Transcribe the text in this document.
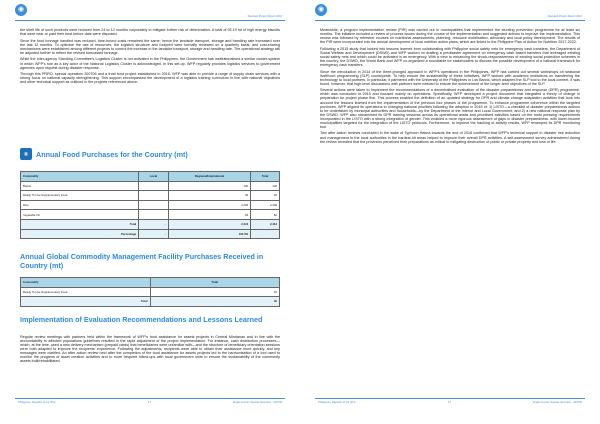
◉
Standard Project Report 2016

the shelf life of such products were reduced from 24 to 12 months corporately to mitigate further risk of deterioration. A total of 93.19 mt of high energy biscuits that were near or past their best before date were disposed.

Since the food tonnage handled was reduced, time-bound costs remained the same; hence the landside transport, storage and handling rate increased over the last 12 months. To optimise the use of resources, the logistics structure and footprint were formally reviewed on a quarterly basis, and cost-sharing mechanisms were established among different projects to control the increase in the landside transport, storage and handling rate. The operational strategy will be adjusted further to reflect the revised forecasted tonnage.

While the Inter-agency Standing Committee's Logistics Cluster is not activated in the Philippines, the Government has institutionalised a similar cluster-system in which WFP's role as a key actor of the National Logistics Cluster is acknowledged. In this set-up, WFP regularly provides logistics services to government agencies upon request during disaster response.

Through this PRRO, special operation 200706 and a trust fund project established in 2016, WFP was able to provide a range of supply chain services with a strong focus on national capacity strengthening. This support encompassed the development of a logistics training curriculum in line with national objectives and other technical support as outlined in the projects referenced above.

▦	Annual Food Purchases for the Country (mt)
Commodity	Local	Regional/International	Total
Beans		100	100
Ready To Use Supplementary Food		30	30
Rice		2,200	2,200
Vegetable Oil		82	82
Total	-	2,412	2,412
Percentage	-	100.0%	
Annual Global Commodity Management Facility Purchases Received in Country (mt)
Commodity	Total
Ready To Use Supplementary Food	40
Total	40
Implementation of Evaluation Recommendations and Lessons Learned

Regular review meetings with partners held within the framework of WFP's food assistance for assets projects in Central Mindanao and in line with the accountability to affected populations guidelines resulted in the rapid adjustment of the project implementation. For instance, cash distribution processes—which, at the time, used a new delivery mechanism (prepaid cards) that beneficiaries were unfamiliar with—and the structure of beneficiary orientation sessions were both adapted to improve the recipients' experience. Following the adjustments, recipients were able to obtain their assistance more quickly, and key messages were clarified. An after action review held after the completion of the food assistance for assets projects led to the harmonisation of a tool used to monitor the progress of asset creation activities and to more frequent follow-ups with local government units to ensure the sustainability of the community assets built/rehabilitated.

Philippines, Republic of the (PH)	13	Single Country Special Operation - 200706
◉
Standard Project Report 2016

Meanwhile, a program implementation review (PIR) was carried out in municipalities that implemented the stunting prevention programme for at least six months. The initiative included a review of process issues during the course of the implementation and suggested actions to improve the implementation. This review was followed by refresher courses on nutritional assessments, planning, resource mobilisation, advocacy and local policy development. The results of the PIR were incorporated into the annual development of local nutrition action plans, which are linked to the Philippine Plan of Action for Nutrition 2017-2022.

Following a 2015 study that looked into lessons learned from collaborating with Philippine social safety nets for emergency cash transfers, the Department of Social Welfare and Development (DSWD) and WFP worked on drafting a predisaster agreement on emergency cash based transfers that leveraged existing social safety nets and which could be activated in an emergency. With a view to enhancing the shock-responsiveness of existing social protection schemes in the country, the DSWD, the World Bank and WFP co-organized a roundtable for stakeholders to discuss the possible development of a national framework for emergency cash transfers.

Since the introduction in 2014 of the three-pronged approach in WFP's operations in the Philippines, WFP has carried out several workshops on seasonal livelihood programming (SLP) countrywide. To help ensure the sustainability of these initiatives, WFP worked with academic institutions on transferring the technology to local partners. In particular, it partnered with the University of the Philippines in Los Banos, which adapted the SLP tool to the local context. It was found, however, that high-level discussions with partners were needed to ensure the achievement of the longer-term objectives of the SLP.

Several actions were taken to implement the recommendations of a decentralised evaluation of the disaster preparedness and response (DPR) programme, which was conducted in 2015 and focused mainly on operations. Specifically, WFP developed a project document that integrated a theory of change in preparation for project phase five. This process enabled the definition of an updated strategy for DPR and climate change adaptation activities that took into account the lessons learned from the implementation of the previous four phases of the programme. To enhance programme coherence within the targeted provinces, WFP aligned its operations to changing national priorities following the adoption in 2015 of: 1) LISTO—a checklist of disaster preparedness actions to be undertaken by municipal authorities and households—by the Department of the Interior and Local Government; and 2) a new national response plan by the DSWD. WFP also streamlined its DPR training sessions across its operational areas and prioritised activities based on the most pressing requirements incorporated in the LISTO with a strong integration of gender. This enabled a more rigorous assessment of gaps in disaster preparedness, with lower-income municipalities targeted for the integration of the LISTO protocols. Furthermore, to improve the tracking of activity results, WFP revamped its DPR monitoring tool.

Two after action reviews conducted in the wake of Typhoon Haima towards the end of 2016 confirmed that WFP's technical support in disaster risk reduction and management to the local authorities in the hardest-hit areas helped to improve their overall DPR activities. A self-assessment survey administered during the review revealed that the provinces perceived their preparations as critical to mitigating destruction of public or private property and loss of life.

Philippines, Republic of the (PH)	14	Single Country Special Operation - 200706
